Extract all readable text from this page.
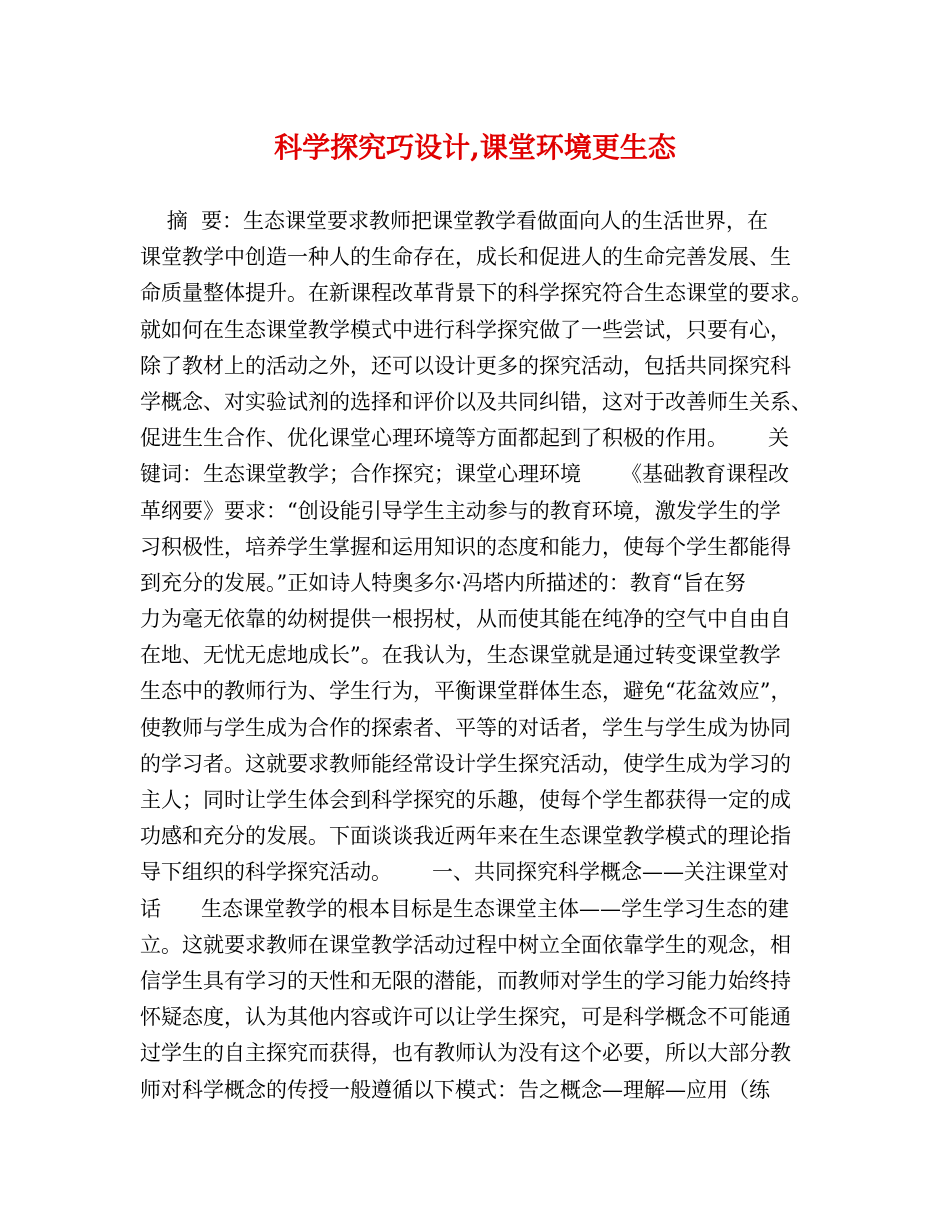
科学探究巧设计,课堂环境更生态
摘  要：生态课堂要求教师把课堂教学看做面向人的生活世界，在
课堂教学中创造一种人的生命存在，成长和促进人的生命完善发展、生
命质量整体提升。在新课程改革背景下的科学探究符合生态课堂的要求。
就如何在生态课堂教学模式中进行科学探究做了一些尝试，只要有心，
除了教材上的活动之外，还可以设计更多的探究活动，包括共同探究科
学概念、对实验试剂的选择和评价以及共同纠错，这对于改善师生关系、
促进生生合作、优化课堂心理环境等方面都起到了积极的作用。      关
键词：生态课堂教学；合作探究；课堂心理环境      《基础教育课程改
革纲要》要求：“创设能引导学生主动参与的教育环境，激发学生的学
习积极性，培养学生掌握和运用知识的态度和能力，使每个学生都能得
到充分的发展。”正如诗人特奥多尔·冯塔内所描述的：教育“旨在努
力为毫无依靠的幼树提供一根拐杖，从而使其能在纯净的空气中自由自
在地、无忧无虑地成长”。在我认为，生态课堂就是通过转变课堂教学
生态中的教师行为、学生行为，平衡课堂群体生态，避免“花盆效应”，
使教师与学生成为合作的探索者、平等的对话者，学生与学生成为协同
的学习者。这就要求教师能经常设计学生探究活动，使学生成为学习的
主人；同时让学生体会到科学探究的乐趣，使每个学生都获得一定的成
功感和充分的发展。下面谈谈我近两年来在生态课堂教学模式的理论指
导下组织的科学探究活动。      一、共同探究科学概念——关注课堂对
话      生态课堂教学的根本目标是生态课堂主体——学生学习生态的建
立。这就要求教师在课堂教学活动过程中树立全面依靠学生的观念，相
信学生具有学习的天性和无限的潜能，而教师对学生的学习能力始终持
怀疑态度，认为其他内容或许可以让学生探究，可是科学概念不可能通
过学生的自主探究而获得，也有教师认为没有这个必要，所以大部分教
师对科学概念的传授一般遵循以下模式：告之概念—理解—应用（练
